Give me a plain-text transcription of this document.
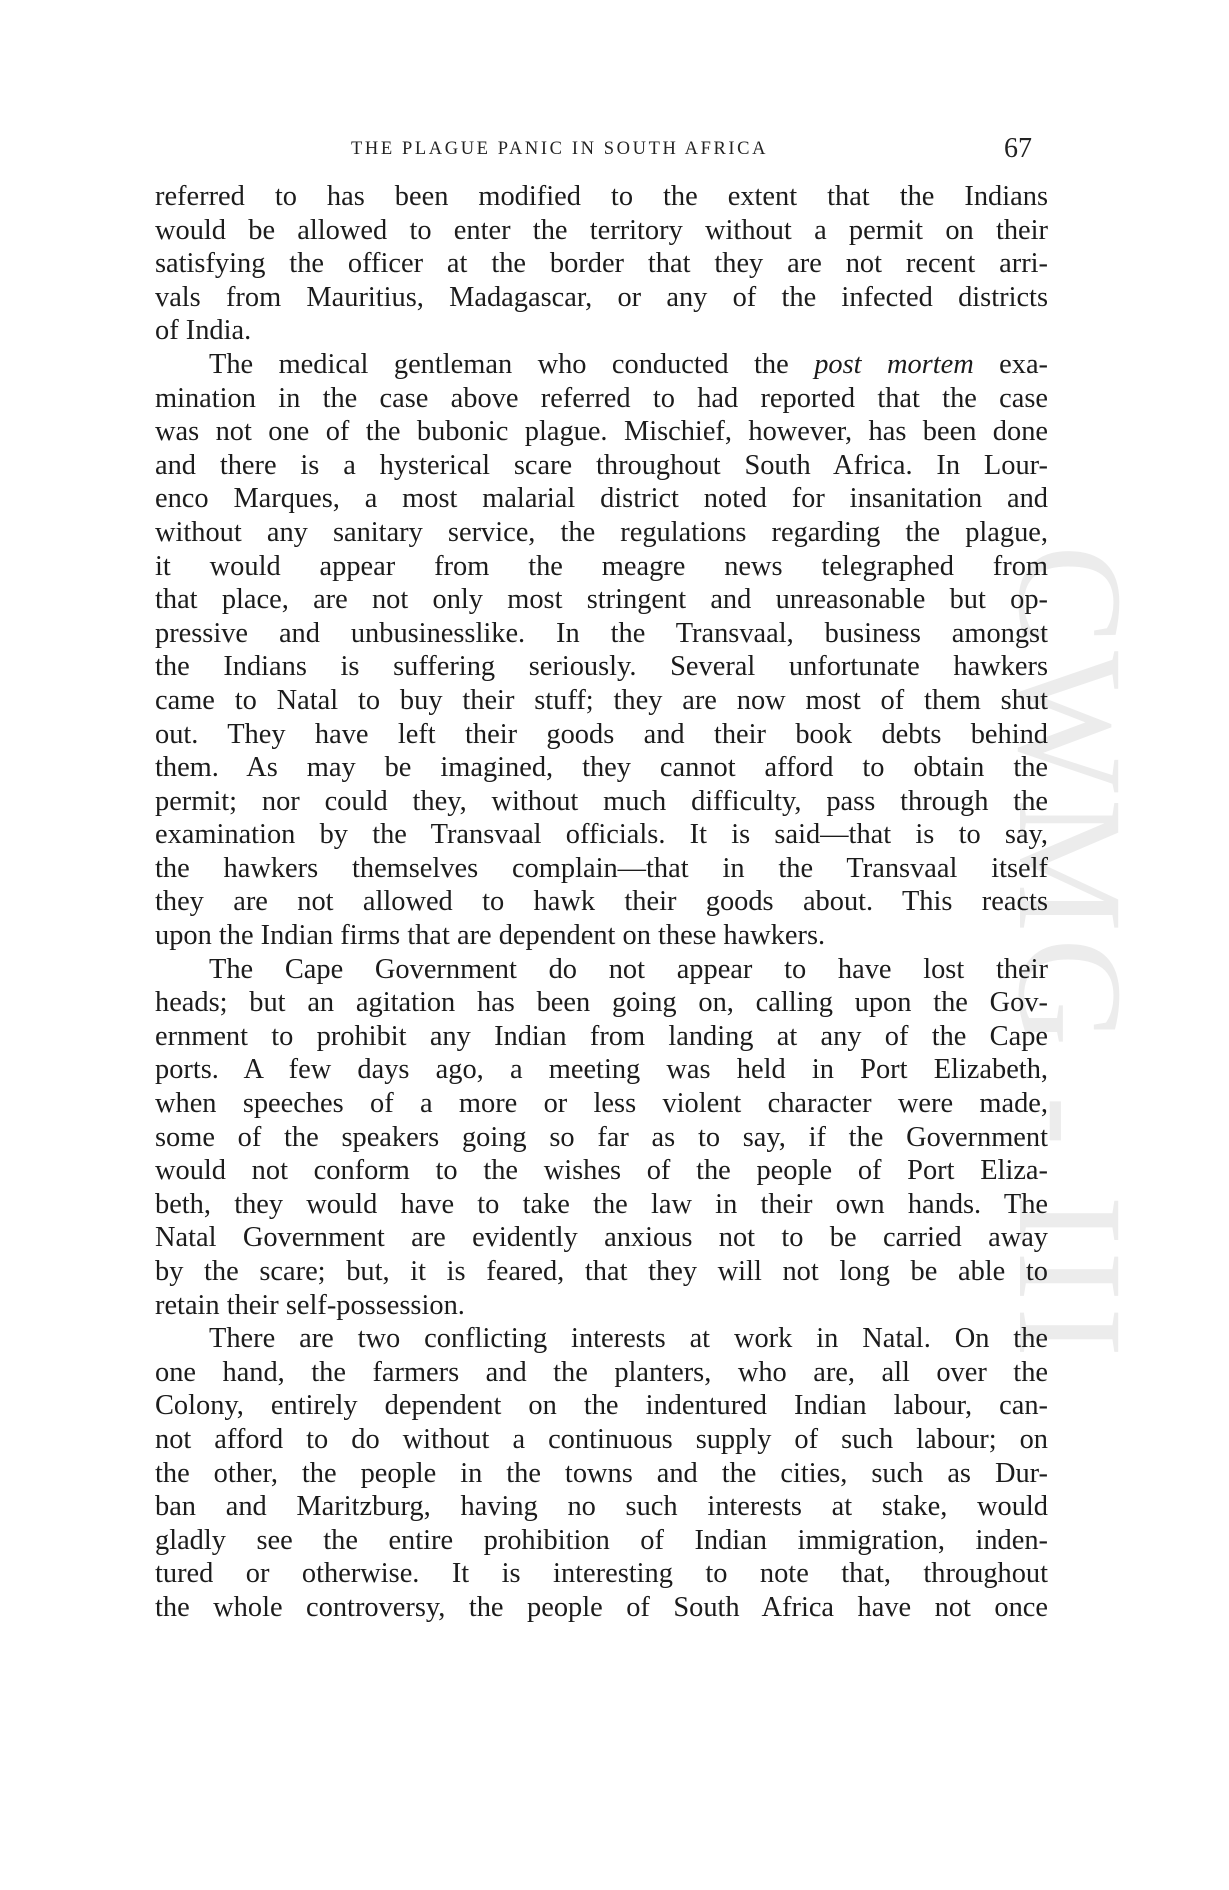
CWMG - III
THE PLAGUE PANIC IN SOUTH AFRICA	67
referred to has been modified to the extent that the Indians
would be allowed to enter the territory without a permit on their
satisfying the officer at the border that they are not recent arri-
vals from Mauritius, Madagascar, or any of the infected districts
of India.
The medical gentleman who conducted the post mortem exa-
mination in the case above referred to had reported that the case
was not one of the bubonic plague. Mischief, however, has been done
and there is a hysterical scare throughout South Africa. In Lour-
enco Marques, a most malarial district noted for insanitation and
without any sanitary service, the regulations regarding the plague,
it would appear from the meagre news telegraphed from
that place, are not only most stringent and unreasonable but op-
pressive and unbusinesslike. In the Transvaal, business amongst
the Indians is suffering seriously. Several unfortunate hawkers
came to Natal to buy their stuff; they are now most of them shut
out. They have left their goods and their book debts behind
them. As may be imagined, they cannot afford to obtain the
permit; nor could they, without much difficulty, pass through the
examination by the Transvaal officials. It is said—that is to say,
the hawkers themselves complain—that in the Transvaal itself
they are not allowed to hawk their goods about. This reacts
upon the Indian firms that are dependent on these hawkers.
The Cape Government do not appear to have lost their
heads; but an agitation has been going on, calling upon the Gov-
ernment to prohibit any Indian from landing at any of the Cape
ports. A few days ago, a meeting was held in Port Elizabeth,
when speeches of a more or less violent character were made,
some of the speakers going so far as to say, if the Government
would not conform to the wishes of the people of Port Eliza-
beth, they would have to take the law in their own hands. The
Natal Government are evidently anxious not to be carried away
by the scare; but, it is feared, that they will not long be able to
retain their self-possession.
There are two conflicting interests at work in Natal. On the
one hand, the farmers and the planters, who are, all over the
Colony, entirely dependent on the indentured Indian labour, can-
not afford to do without a continuous supply of such labour; on
the other, the people in the towns and the cities, such as Dur-
ban and Maritzburg, having no such interests at stake, would
gladly see the entire prohibition of Indian immigration, inden-
tured or otherwise. It is interesting to note that, throughout
the whole controversy, the people of South Africa have not once
